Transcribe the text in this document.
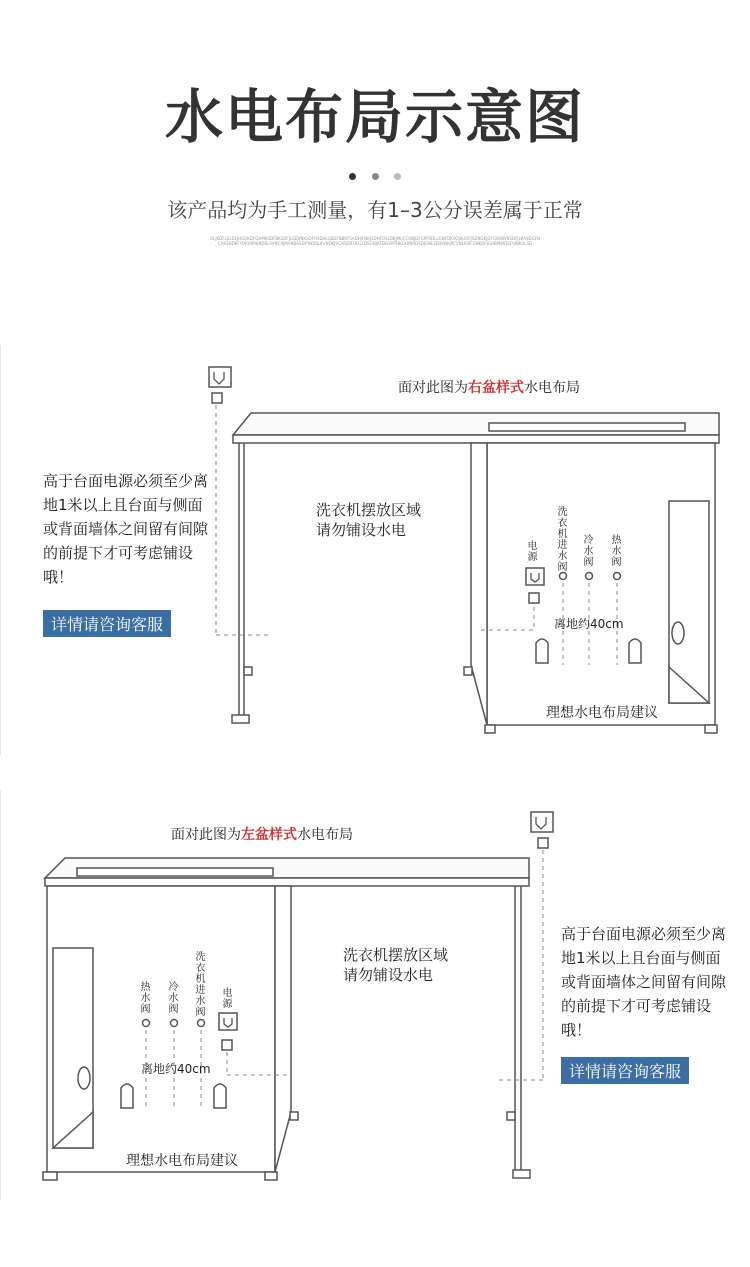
水电布局示意图

该产品均为手工测量，有1–3公分误差属于正常
OLJKDFLSLDLJHGOKDFGHMKSDFBKSDFJLSDVNKSDFHSDALGBDFNBKFSADHJFNKJSDHFOSLDBJMLF.COBJDFGPPSDLLGNFDKVOSIUOFJSDNGKJDFGSHBVKSDFJLKASDGFNCXKSHDKFYOJOAPHJNDSLSVNCXJMVNBASDFYHDSLKVNDKJVCHSDIFULILFDSGNJAFDLGMTHKLKRNRDSDJGNLSFDVNKJXCVNLKJSFGNKDFJGHBMWDSFVJNKALSD
面对此图为右盆样式水电布局
高于台面电源必须至少离地1米以上且台面与侧面或背面墙体之间留有间隙的前提下才可考虑铺设哦！
详情请咨询客服
洗衣机摆放区域
请勿铺设水电
电源
洗衣机进水阀
冷水阀
热水阀
离地约40cm
理想水电布局建议
面对此图为左盆样式水电布局
高于台面电源必须至少离地1米以上且台面与侧面或背面墙体之间留有间隙的前提下才可考虑铺设哦！
详情请咨询客服
洗衣机摆放区域
请勿铺设水电
热水阀
冷水阀
洗衣机进水阀
电源
离地约40cm
理想水电布局建议
